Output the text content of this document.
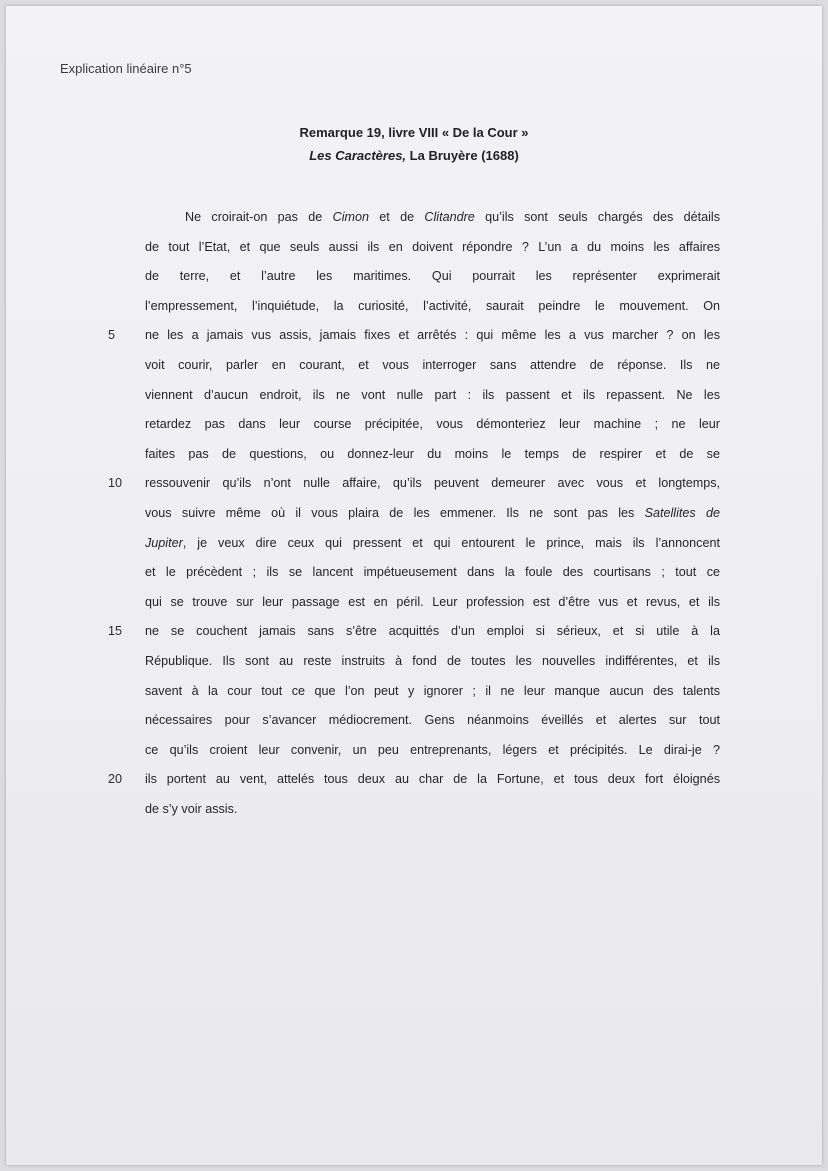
Explication linéaire n°5
Remarque 19, livre VIII « De la Cour »
Les Caractères, La Bruyère (1688)
Ne croirait-on pas de Cimon et de Clitandre qu’ils sont seuls chargés des détails
de tout l’Etat, et que seuls aussi ils en doivent répondre ? L’un a du moins les affaires
de terre, et l’autre les maritimes. Qui pourrait les représenter exprimerait
l’empressement, l’inquiétude, la curiosité, l’activité, saurait peindre le mouvement. On
ne les a jamais vus assis, jamais fixes et arrêtés : qui même les a vus marcher ? on les
voit courir, parler en courant, et vous interroger sans attendre de réponse. Ils ne
viennent d’aucun endroit, ils ne vont nulle part : ils passent et ils repassent. Ne les
retardez pas dans leur course précipitée, vous démonteriez leur machine ; ne leur
faites pas de questions, ou donnez-leur du moins le temps de respirer et de se
ressouvenir qu’ils n’ont nulle affaire, qu’ils peuvent demeurer avec vous et longtemps,
vous suivre même où il vous plaira de les emmener. Ils ne sont pas les Satellites de
Jupiter, je veux dire ceux qui pressent et qui entourent le prince, mais ils l’annoncent
et le précèdent ; ils se lancent impétueusement dans la foule des courtisans ; tout ce
qui se trouve sur leur passage est en péril. Leur profession est d’être vus et revus, et ils
ne se couchent jamais sans s’être acquittés d’un emploi si sérieux, et si utile à la
République. Ils sont au reste instruits à fond de toutes les nouvelles indifférentes, et ils
savent à la cour tout ce que l’on peut y ignorer ; il ne leur manque aucun des talents
nécessaires pour s’avancer médiocrement. Gens néanmoins éveillés et alertes sur tout
ce qu’ils croient leur convenir, un peu entreprenants, légers et précipités. Le dirai-je ?
ils portent au vent, attelés tous deux au char de la Fortune, et tous deux fort éloignés
de s’y voir assis.
5
10
15
20
